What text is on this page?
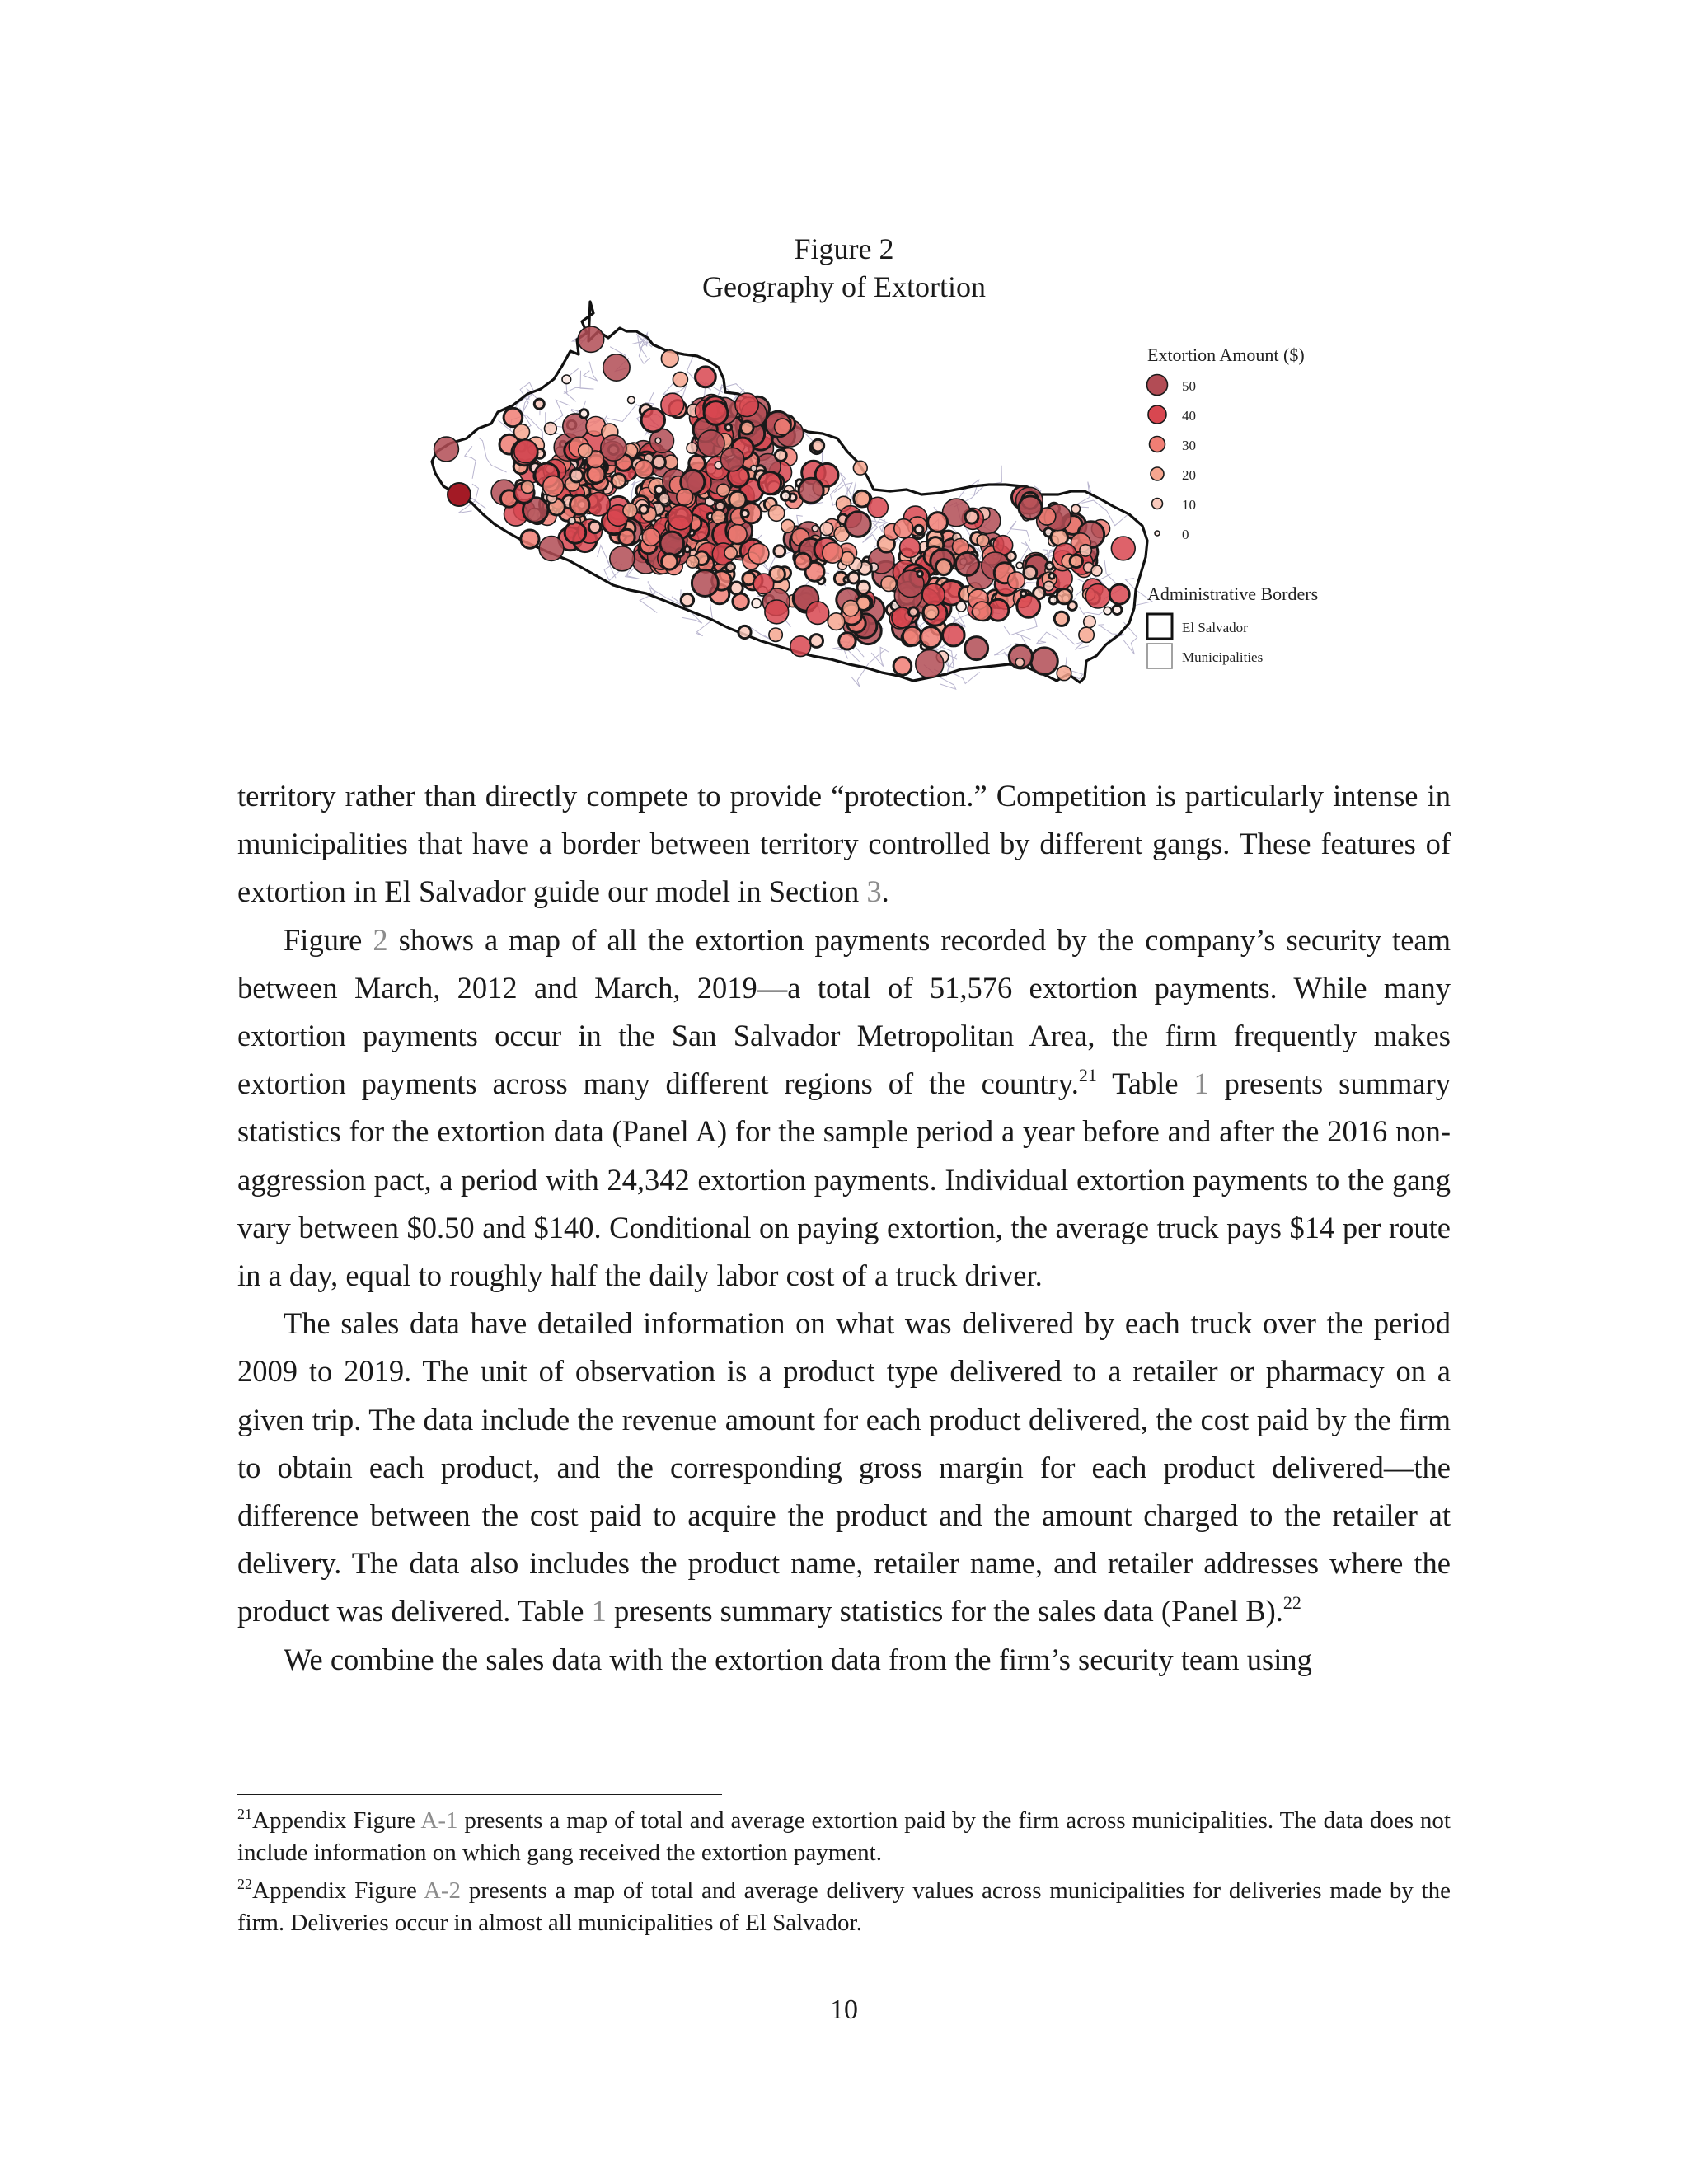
Figure 2
Geography of Extortion
Extortion Amount ($)
50
40
30
20
10
0
Administrative Borders
El Salvador
Municipalities

territory rather than directly compete to provide “protection.” Competition is particularly intense in municipalities that have a border between territory controlled by different gangs. These features of extortion in El Salvador guide our model in Section 3.

Figure 2 shows a map of all the extortion payments recorded by the company’s security team between March, 2012 and March, 2019—a total of 51,576 extortion payments. While many extortion payments occur in the San Salvador Metropolitan Area, the firm frequently makes extortion payments across many different regions of the country.$^{21}$ Table 1 presents summary statistics for the extortion data (Panel A) for the sample period a year before and after the 2016 non-aggression pact, a period with 24,342 extortion payments. Individual extortion payments to the gang vary between $0.50 and $140. Conditional on paying extortion, the average truck pays $14 per route in a day, equal to roughly half the daily labor cost of a truck driver.

The sales data have detailed information on what was delivered by each truck over the period 2009 to 2019. The unit of observation is a product type delivered to a retailer or pharmacy on a given trip. The data include the revenue amount for each product delivered, the cost paid by the firm to obtain each product, and the corresponding gross margin for each product delivered—the difference between the cost paid to acquire the product and the amount charged to the retailer at delivery. The data also includes the product name, retailer name, and retailer addresses where the product was delivered. Table 1 presents summary statistics for the sales data (Panel B).$^{22}$

We combine the sales data with the extortion data from the firm’s security team using

$^{21}$Appendix Figure A-1 presents a map of total and average extortion paid by the firm across municipalities. The data does not include information on which gang received the extortion payment.

$^{22}$Appendix Figure A-2 presents a map of total and average delivery values across municipalities for deliveries made by the firm. Deliveries occur in almost all municipalities of El Salvador.

10
